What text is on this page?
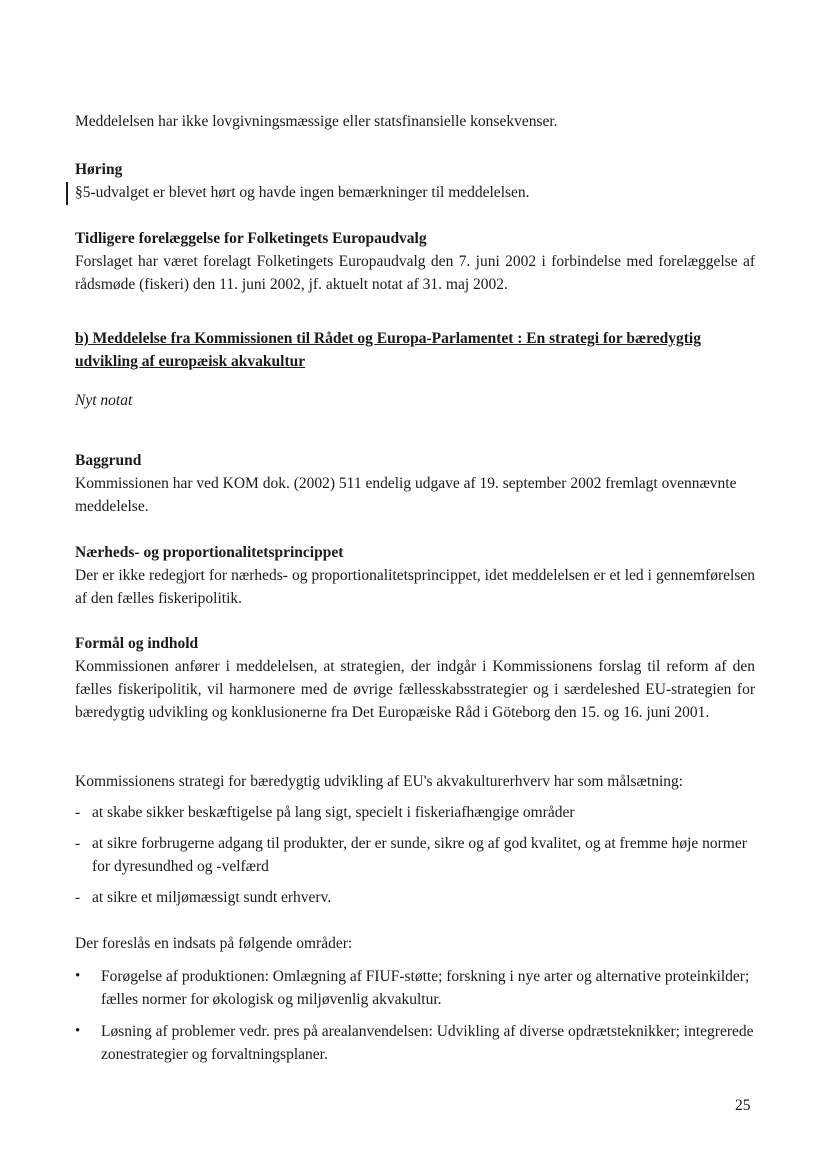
Meddelelsen har ikke lovgivningsmæssige eller statsfinansielle konsekvenser.

Høring

§5-udvalget er blevet hørt og havde ingen bemærkninger til meddelelsen.

Tidligere forelæggelse for Folketingets Europaudvalg

Forslaget har været forelagt Folketingets Europaudvalg den 7. juni 2002 i forbindelse med forelæggelse af rådsmøde (fiskeri) den 11. juni 2002, jf. aktuelt notat af 31. maj 2002.

b) Meddelelse fra Kommissionen til Rådet og Europa-Parlamentet : En strategi for bæredygtig udvikling af europæisk akvakultur

Nyt notat

Baggrund

Kommissionen har ved KOM dok. (2002) 511 endelig udgave af 19. september 2002 fremlagt ovennævnte meddelelse.

Nærheds- og proportionalitetsprincippet

Der er ikke redegjort for nærheds- og proportionalitetsprincippet, idet meddelelsen er et led i gennemførelsen af den fælles fiskeripolitik.

Formål og indhold

Kommissionen anfører i meddelelsen, at strategien, der indgår i Kommissionens forslag til reform af den fælles fiskeripolitik, vil harmonere med de øvrige fællesskabsstrategier og i særdeleshed EU-strategien for bæredygtig udvikling og konklusionerne fra Det Europæiske Råd i Göteborg den 15. og 16. juni 2001.

Kommissionens strategi for bæredygtig udvikling af EU's akvakulturerhverv har som målsætning:

- at skabe sikker beskæftigelse på lang sigt, specielt i fiskeriafhængige områder
- at sikre forbrugerne adgang til produkter, der er sunde, sikre og af god kvalitet, og at fremme høje normer for dyresundhed og -velfærd
- at sikre et miljømæssigt sundt erhverv.

Der foreslås en indsats på følgende områder:

•	Forøgelse af produktionen: Omlægning af FIUF-støtte; forskning i nye arter og alternative proteinkilder; fælles normer for økologisk og miljøvenlig akvakultur.
•	Løsning af problemer vedr. pres på arealanvendelsen: Udvikling af diverse opdrætsteknikker; integrerede zonestrategier og forvaltningsplaner.
25
